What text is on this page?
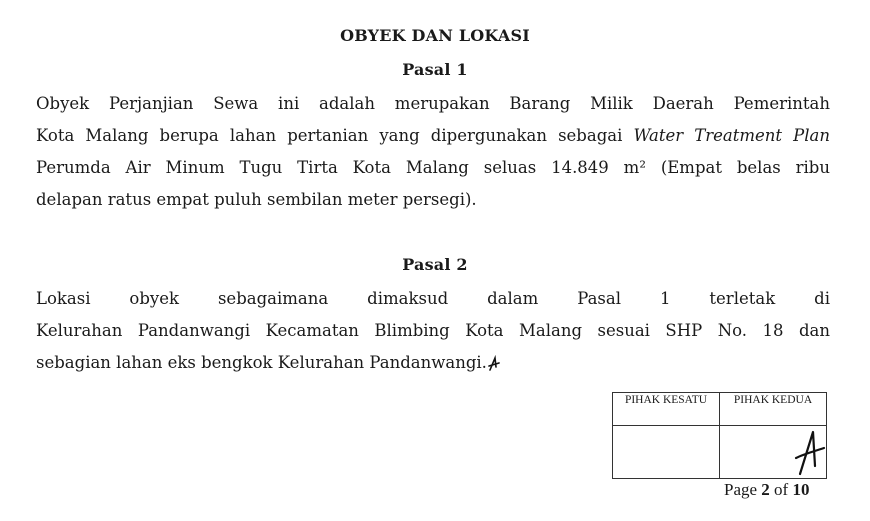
OBYEK DAN LOKASI
Pasal 1
Obyek Perjanjian Sewa ini adalah merupakan Barang Milik Daerah Pemerintah
Kota Malang berupa lahan pertanian yang dipergunakan sebagai Water Treatment Plan
Perumda Air Minum Tugu Tirta Kota Malang seluas 14.849 m² (Empat belas ribu
delapan ratus empat puluh sembilan meter persegi).
Pasal 2
Lokasi obyek sebagaimana dimaksud dalam Pasal 1 terletak di
Kelurahan Pandanwangi Kecamatan Blimbing Kota Malang sesuai SHP No. 18 dan
sebagian lahan eks bengkok Kelurahan Pandanwangi.
PIHAK KESATU	PIHAK KEDUA

Page 2 of 10
